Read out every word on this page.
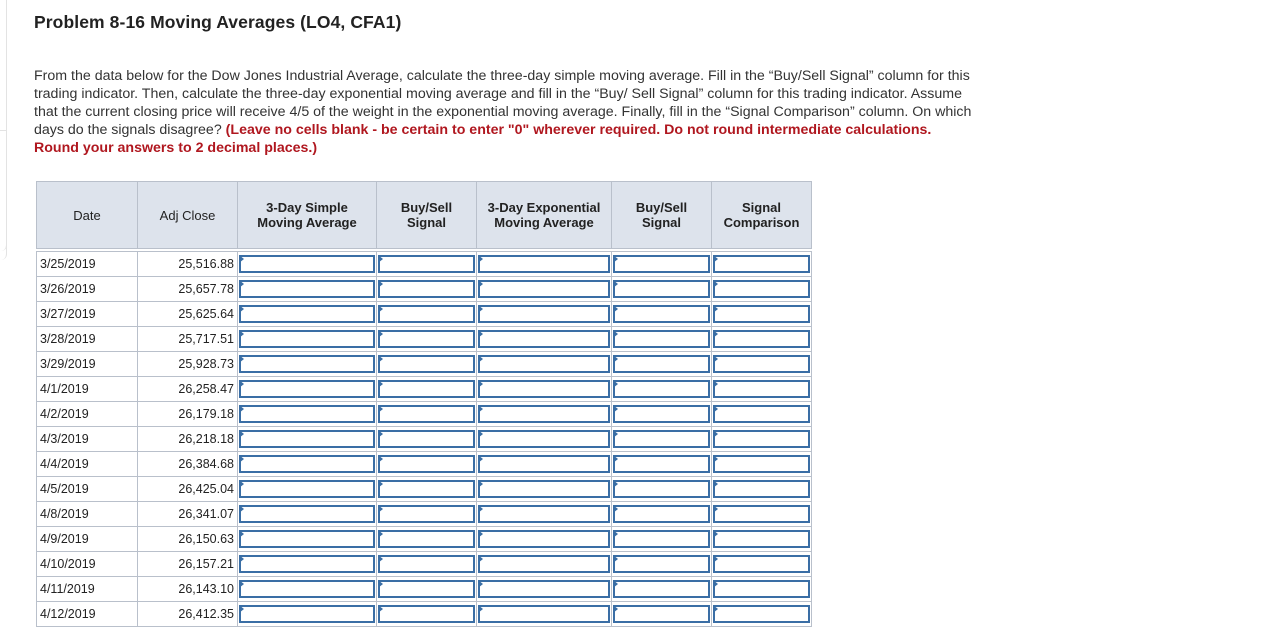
Problem 8-16 Moving Averages (LO4, CFA1)

From the data below for the Dow Jones Industrial Average, calculate the three-day simple moving average. Fill in the “Buy/Sell Signal” column for this trading indicator. Then, calculate the three-day exponential moving average and fill in the “Buy/ Sell Signal” column for this trading indicator. Assume that the current closing price will receive 4/5 of the weight in the exponential moving average. Finally, fill in the “Signal Comparison” column. On which days do the signals disagree? (Leave no cells blank - be certain to enter "0" wherever required. Do not round intermediate calculations. Round your answers to 2 decimal places.)

Date	Adj Close	3-Day Simple Moving Average	Buy/Sell Signal	3-Day Exponential Moving Average	Buy/Sell Signal	Signal Comparison

3/25/2019	25,516.88	

3/26/2019	25,657.78	

3/27/2019	25,625.64	

3/28/2019	25,717.51	

3/29/2019	25,928.73	

4/1/2019	26,258.47	

4/2/2019	26,179.18	

4/3/2019	26,218.18	

4/4/2019	26,384.68	

4/5/2019	26,425.04	

4/8/2019	26,341.07	

4/9/2019	26,150.63	

4/10/2019	26,157.21	

4/11/2019	26,143.10	

4/12/2019	26,412.35	
